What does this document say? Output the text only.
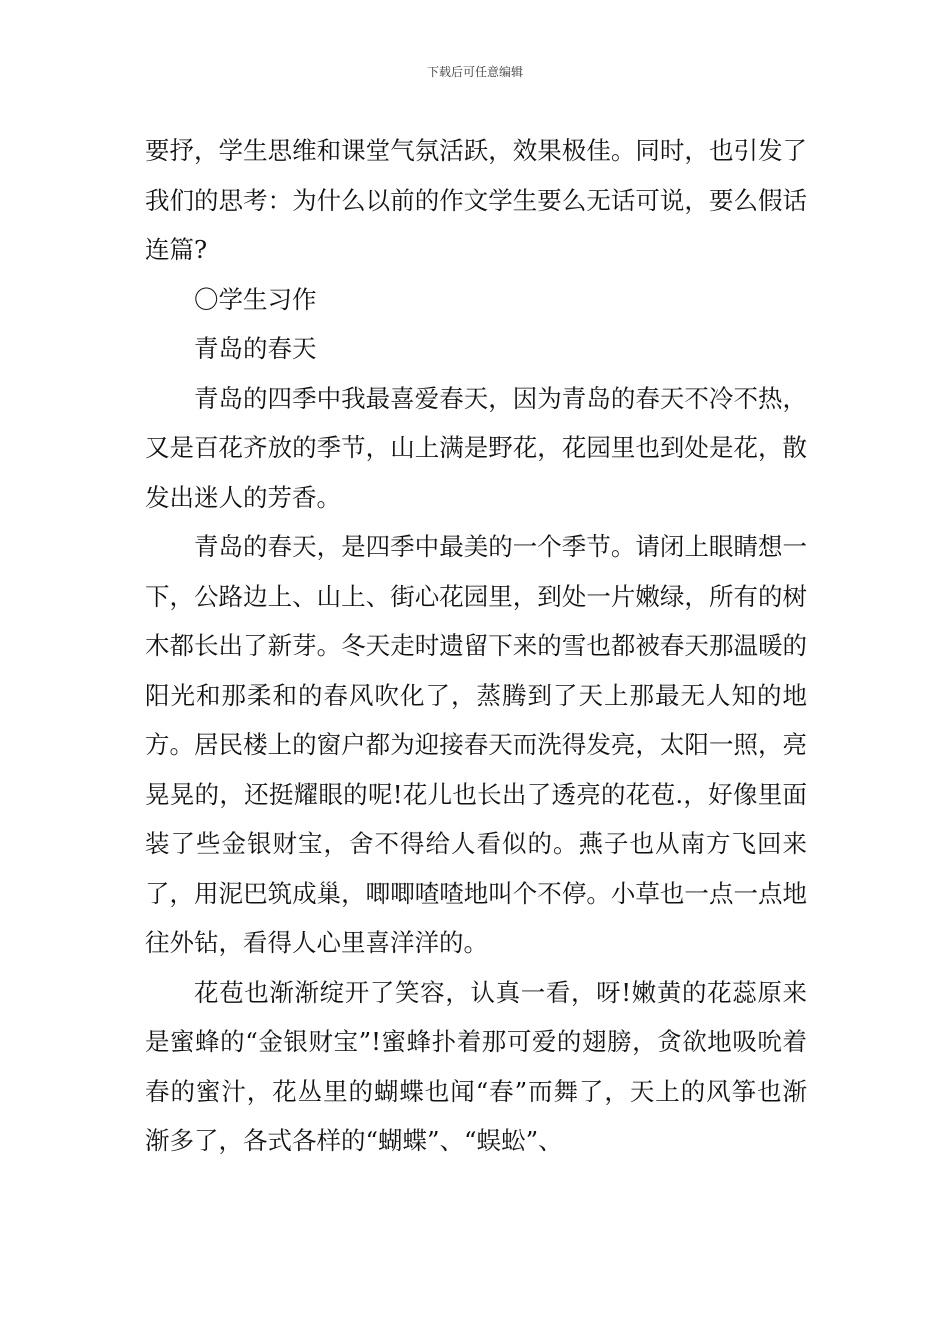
下载后可任意编辑

要抒，学生思维和课堂气氛活跃，效果极佳。同时，也引发了我们的思考：为什么以前的作文学生要么无话可说，要么假话连篇?

〇学生习作

青岛的春天

青岛的四季中我最喜爱春天，因为青岛的春天不冷不热，又是百花齐放的季节，山上满是野花，花园里也到处是花，散发出迷人的芳香。

青岛的春天，是四季中最美的一个季节。请闭上眼睛想一下，公路边上、山上、街心花园里，到处一片嫩绿，所有的树木都长出了新芽。冬天走时遗留下来的雪也都被春天那温暖的阳光和那柔和的春风吹化了，蒸腾到了天上那最无人知的地方。居民楼上的窗户都为迎接春天而洗得发亮，太阳一照，亮晃晃的，还挺耀眼的呢!花儿也长出了透亮的花苞.，好像里面装了些金银财宝，舍不得给人看似的。燕子也从南方飞回来了，用泥巴筑成巢，唧唧喳喳地叫个不停。小草也一点一点地往外钻，看得人心里喜洋洋的。

花苞也渐渐绽开了笑容，认真一看，呀!嫩黄的花蕊原来是蜜蜂的“金银财宝”!蜜蜂扑着那可爱的翅膀，贪欲地吸吮着春的蜜汁，花丛里的蝴蝶也闻“春”而舞了，天上的风筝也渐渐多了，各式各样的“蝴蝶”、“蜈蚣”、
